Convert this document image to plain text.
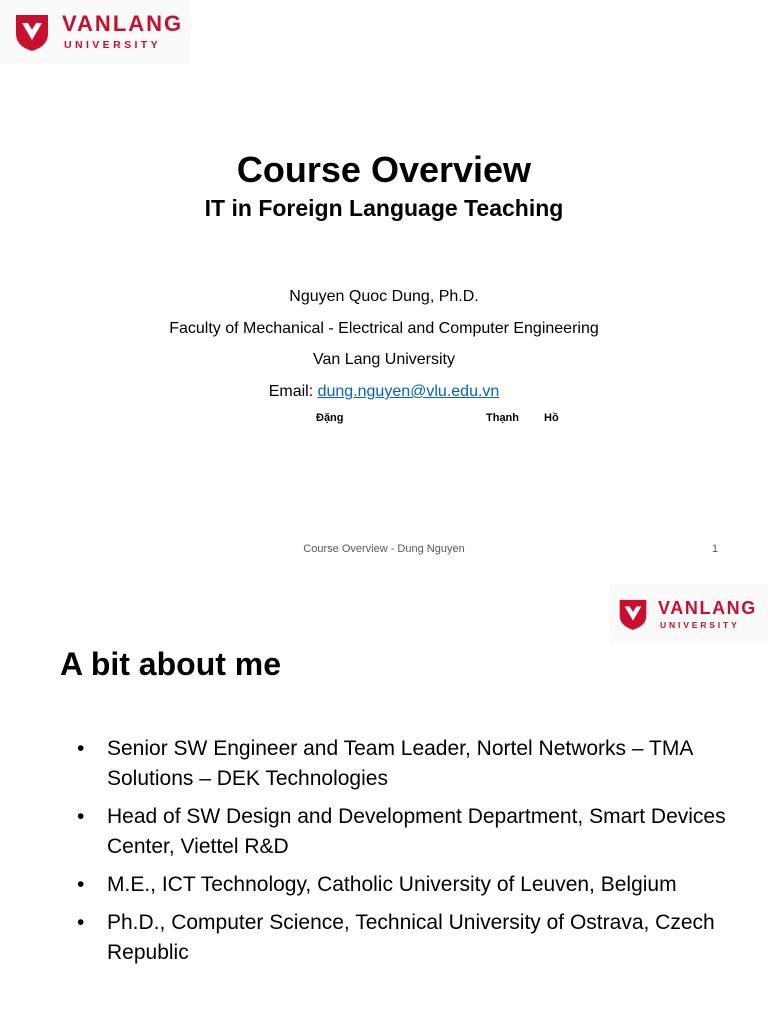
VANLANG
UNIVERSITY
Course Overview
IT in Foreign Language Teaching
Nguyen Quoc Dung, Ph.D.
Faculty of Mechanical - Electrical and Computer Engineering
Van Lang University
Email: dung.nguyen@vlu.edu.vn
Đặng	Thạnh Hồ
Course Overview - Dung Nguyen	1
VANLANG
UNIVERSITY
A bit about me
•	Senior SW Engineer and Team Leader, Nortel Networks – TMA Solutions – DEK Technologies
•	Head of SW Design and Development Department, Smart Devices Center, Viettel R&D
•	M.E., ICT Technology, Catholic University of Leuven, Belgium
•	Ph.D., Computer Science, Technical University of Ostrava, Czech Republic
